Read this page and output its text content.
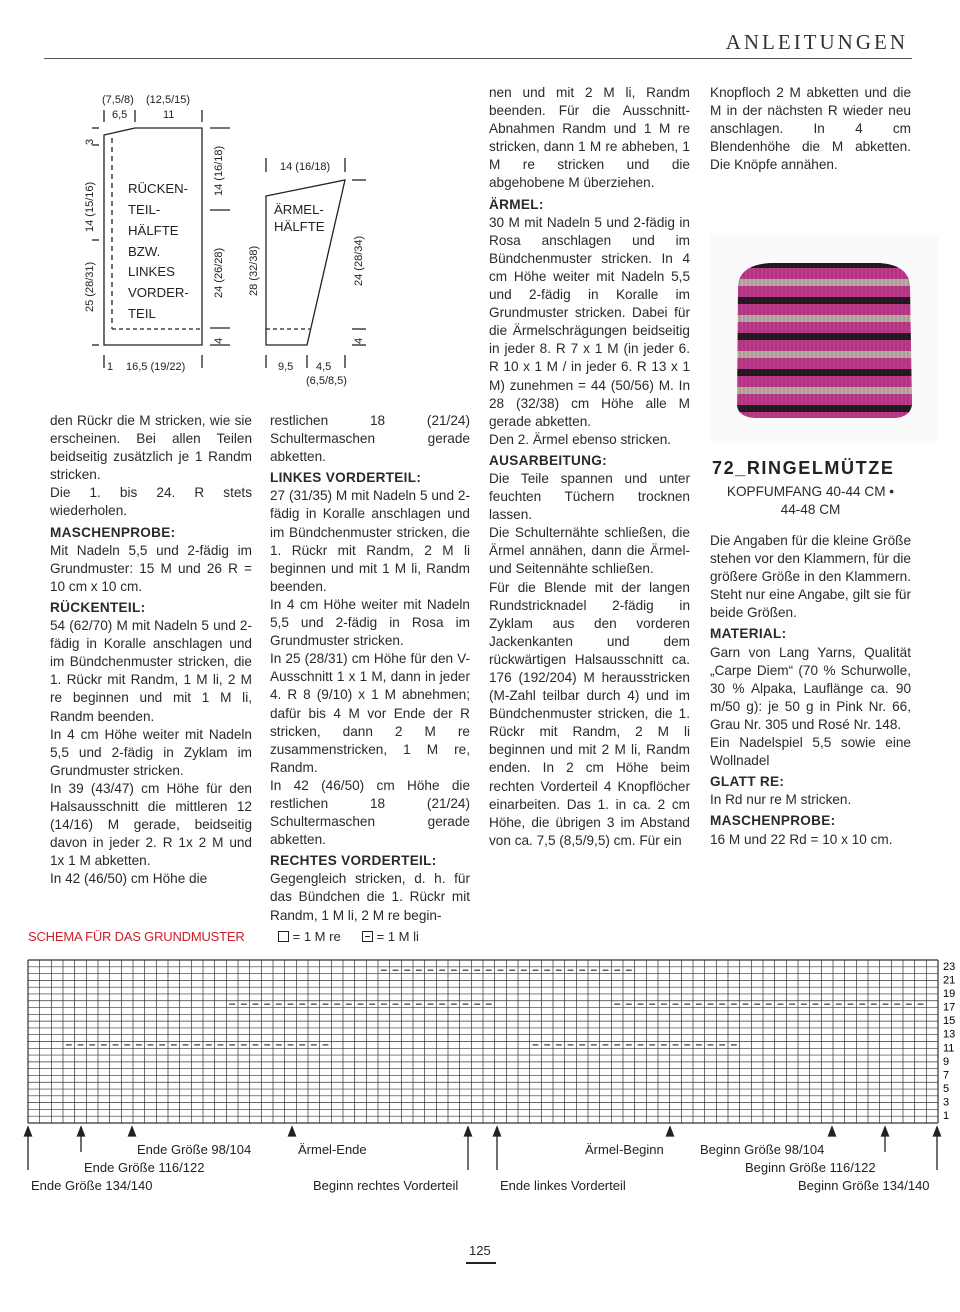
ANLEITUNGEN
(7,5/8) (12,5/15)
6,5	11
14 (15/16)
3
25 (28/31)
14 (16/18)
24 (26/28)
4
RÜCKEN-
TEIL-
HÄLFTE
BZW.
LINKES
VORDER-
TEIL
1 16,5 (19/22)
14 (16/18)
ÄRMEL-
HÄLFTE
28 (32/38)	24 (28/34)
4
9,5 4,5
(6,5/8,5)

den Rückr die M stricken, wie sie erscheinen. Bei allen Teilen beidseitig zusätzlich je 1 Randm stricken.

Die 1. bis 24. R stets wiederholen.

MASCHENPROBE:

Mit Nadeln 5,5 und 2-fädig im Grundmuster: 15 M und 26 R = 10 cm x 10 cm.

RÜCKENTEIL:

54 (62/70) M mit Nadeln 5 und 2-fädig in Koralle anschlagen und im Bündchenmuster stricken, die 1. Rückr mit Randm, 1 M li, 2 M re beginnen und mit 1 M li, Randm beenden.

In 4 cm Höhe weiter mit Nadeln 5,5 und 2-fädig in Zyklam im Grundmuster stricken.

In 39 (43/47) cm Höhe für den Halsausschnitt die mittleren 12 (14/16) M gerade, beidseitig davon in jeder 2. R 1x 2 M und 1x 1 M abketten.

In 42 (46/50) cm Höhe die

restlichen 18 (21/24) Schultermaschen gerade abketten.

LINKES VORDERTEIL:

27 (31/35) M mit Nadeln 5 und 2-fädig in Koralle anschlagen und im Bündchenmuster stricken, die 1. Rückr mit Randm, 2 M li beginnen und mit 1 M li, Randm beenden.

In 4 cm Höhe weiter mit Nadeln 5,5 und 2-fädig in Rosa im Grundmuster stricken.

In 25 (28/31) cm Höhe für den V-Ausschnitt 1 x 1 M, dann in jeder 4. R 8 (9/10) x 1 M abnehmen; dafür bis 4 M vor Ende der R stricken, dann 2 M re zusammenstricken, 1 M re, Randm.

In 42 (46/50) cm Höhe die restlichen 18 (21/24) Schultermaschen gerade abketten.

RECHTES VORDERTEIL:

Gegengleich stricken, d. h. für das Bündchen die 1. Rückr mit Randm, 1 M li, 2 M re begin-

nen und mit 2 M li, Randm beenden. Für die Ausschnitt-Abnahmen Randm und 1 M re stricken, dann 1 M re abheben, 1 M re stricken und die abgehobene M überziehen.

ÄRMEL:

30 M mit Nadeln 5 und 2-fädig in Rosa anschlagen und im Bündchenmuster stricken. In 4 cm Höhe weiter mit Nadeln 5,5 und 2-fädig in Koralle im Grundmuster stricken. Dabei für die Ärmelschrägungen beidseitig in jeder 8. R 7 x 1 M (in jeder 6. R 10 x 1 M / in jeder 6. R 13 x 1 M) zunehmen = 44 (50/56) M. In 28 (32/38) cm Höhe alle M gerade abketten.

Den 2. Ärmel ebenso stricken.

AUSARBEITUNG:

Die Teile spannen und unter feuchten Tüchern trocknen lassen.

Die Schulternähte schließen, die Ärmel annähen, dann die Ärmel- und Seitennähte schließen.

Für die Blende mit der langen Rundstricknadel 2-fädig in Zyklam aus den vorderen Jackenkanten und dem rückwärtigen Halsausschnitt ca. 176 (192/204) M herausstricken (M-Zahl teilbar durch 4) und im Bündchenmuster stricken, die 1. Rückr mit Randm, 2 M li beginnen und mit 2 M li, Randm enden. In 2 cm Höhe beim rechten Vorderteil 4 Knopflöcher einarbeiten. Das 1. in ca. 2 cm Höhe, die übrigen 3 im Abstand von ca. 7,5 (8,5/9,5) cm. Für ein

Knopfloch 2 M abketten und die M in der nächsten R wieder neu anschlagen. In 4 cm Blendenhöhe die M abketten. Die Knöpfe annähen.

72_RINGELMÜTZE
KOPFUMFANG 40-44 CM •
44-48 CM

Die Angaben für die kleine Größe stehen vor den Klammern, für die größere Größe in den Klammern. Steht nur eine Angabe, gilt sie für beide Größen.

MATERIAL:

Garn von Lang Yarns, Qualität „Carpe Diem“ (70 % Schurwolle, 30 % Alpaka, Lauflänge ca. 90 m/50 g): je 50 g in Pink Nr. 66, Grau Nr. 305 und Rosé Nr. 148.

Ein Nadelspiel 5,5 sowie eine Wollnadel

GLATT RE:

In Rd nur re M stricken.

MASCHENPROBE:

16 M und 22 Rd = 10 x 10 cm.

SCHEMA FÜR DAS GRUNDMUSTER	= 1 M re	= 1 M li
23
21
19
17
15
13
11
9
7
5
3
1
Ende Größe 98/104
Ende Größe 116/122
Ende Größe 134/140
Ärmel-Ende
Beginn rechtes Vorderteil	Ende linkes Vorderteil
Ärmel-Beginn	Beginn Größe 98/104
Beginn Größe 116/122
Beginn Größe 134/140
125
